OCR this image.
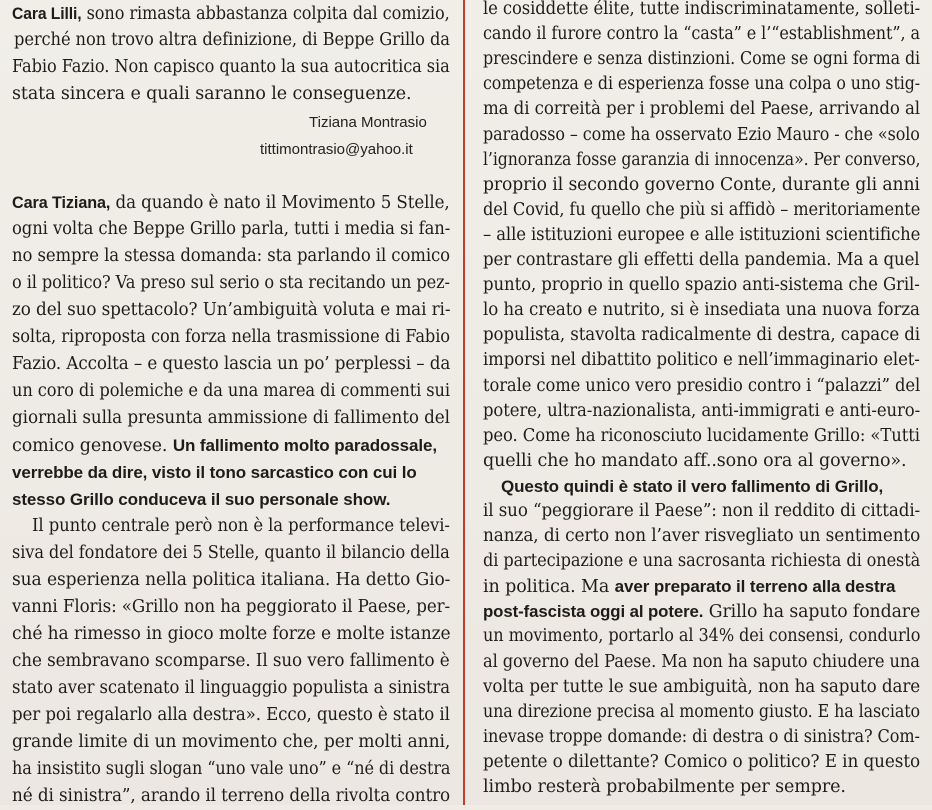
Cara Lilli, sono rimasta abbastanza colpita dal comizio,
perché non trovo altra definizione, di Beppe Grillo da
Fabio Fazio. Non capisco quanto la sua autocritica sia
stata sincera e quali saranno le conseguenze.
Tiziana Montrasio
tittimontrasio@yahoo.it
Cara Tiziana, da quando è nato il Movimento 5 Stelle,
ogni volta che Beppe Grillo parla, tutti i media si fan-
no sempre la stessa domanda: sta parlando il comico
o il politico? Va preso sul serio o sta recitando un pez-
zo del suo spettacolo? Un’ambiguità voluta e mai ri-
solta, riproposta con forza nella trasmissione di Fabio
Fazio. Accolta – e questo lascia un po’ perplessi – da
un coro di polemiche e da una marea di commenti sui
giornali sulla presunta ammissione di fallimento del
comico genovese. Un fallimento molto paradossale,
verrebbe da dire, visto il tono sarcastico con cui lo
stesso Grillo conduceva il suo personale show.
Il punto centrale però non è la performance televi-
siva del fondatore dei 5 Stelle, quanto il bilancio della
sua esperienza nella politica italiana. Ha detto Gio-
vanni Floris: «Grillo non ha peggiorato il Paese, per-
ché ha rimesso in gioco molte forze e molte istanze
che sembravano scomparse. Il suo vero fallimento è
stato aver scatenato il linguaggio populista a sinistra
per poi regalarlo alla destra». Ecco, questo è stato il
grande limite di un movimento che, per molti anni,
ha insistito sugli slogan “uno vale uno” e “né di destra
né di sinistra”, arando il terreno della rivolta contro
le cosiddette élite, tutte indiscriminatamente, solleti-
cando il furore contro la “casta” e l’“establishment”, a
prescindere e senza distinzioni. Come se ogni forma di
competenza e di esperienza fosse una colpa o uno stig-
ma di correità per i problemi del Paese, arrivando al
paradosso – come ha osservato Ezio Mauro - che «solo
l’ignoranza fosse garanzia di innocenza». Per converso,
proprio il secondo governo Conte, durante gli anni
del Covid, fu quello che più si affidò – meritoriamente
– alle istituzioni europee e alle istituzioni scientifiche
per contrastare gli effetti della pandemia. Ma a quel
punto, proprio in quello spazio anti-sistema che Gril-
lo ha creato e nutrito, si è insediata una nuova forza
populista, stavolta radicalmente di destra, capace di
imporsi nel dibattito politico e nell’immaginario elet-
torale come unico vero presidio contro i “palazzi” del
potere, ultra-nazionalista, anti-immigrati e anti-euro-
peo. Come ha riconosciuto lucidamente Grillo: «Tutti
quelli che ho mandato aff..sono ora al governo».
Questo quindi è stato il vero fallimento di Grillo,
il suo “peggiorare il Paese”: non il reddito di cittadi-
nanza, di certo non l’aver risvegliato un sentimento
di partecipazione e una sacrosanta richiesta di onestà
in politica. Ma aver preparato il terreno alla destra
post-fascista oggi al potere. Grillo ha saputo fondare
un movimento, portarlo al 34% dei consensi, condurlo
al governo del Paese. Ma non ha saputo chiudere una
volta per tutte le sue ambiguità, non ha saputo dare
una direzione precisa al momento giusto. E ha lasciato
inevase troppe domande: di destra o di sinistra? Com-
petente o dilettante? Comico o politico? E in questo
limbo resterà probabilmente per sempre.
